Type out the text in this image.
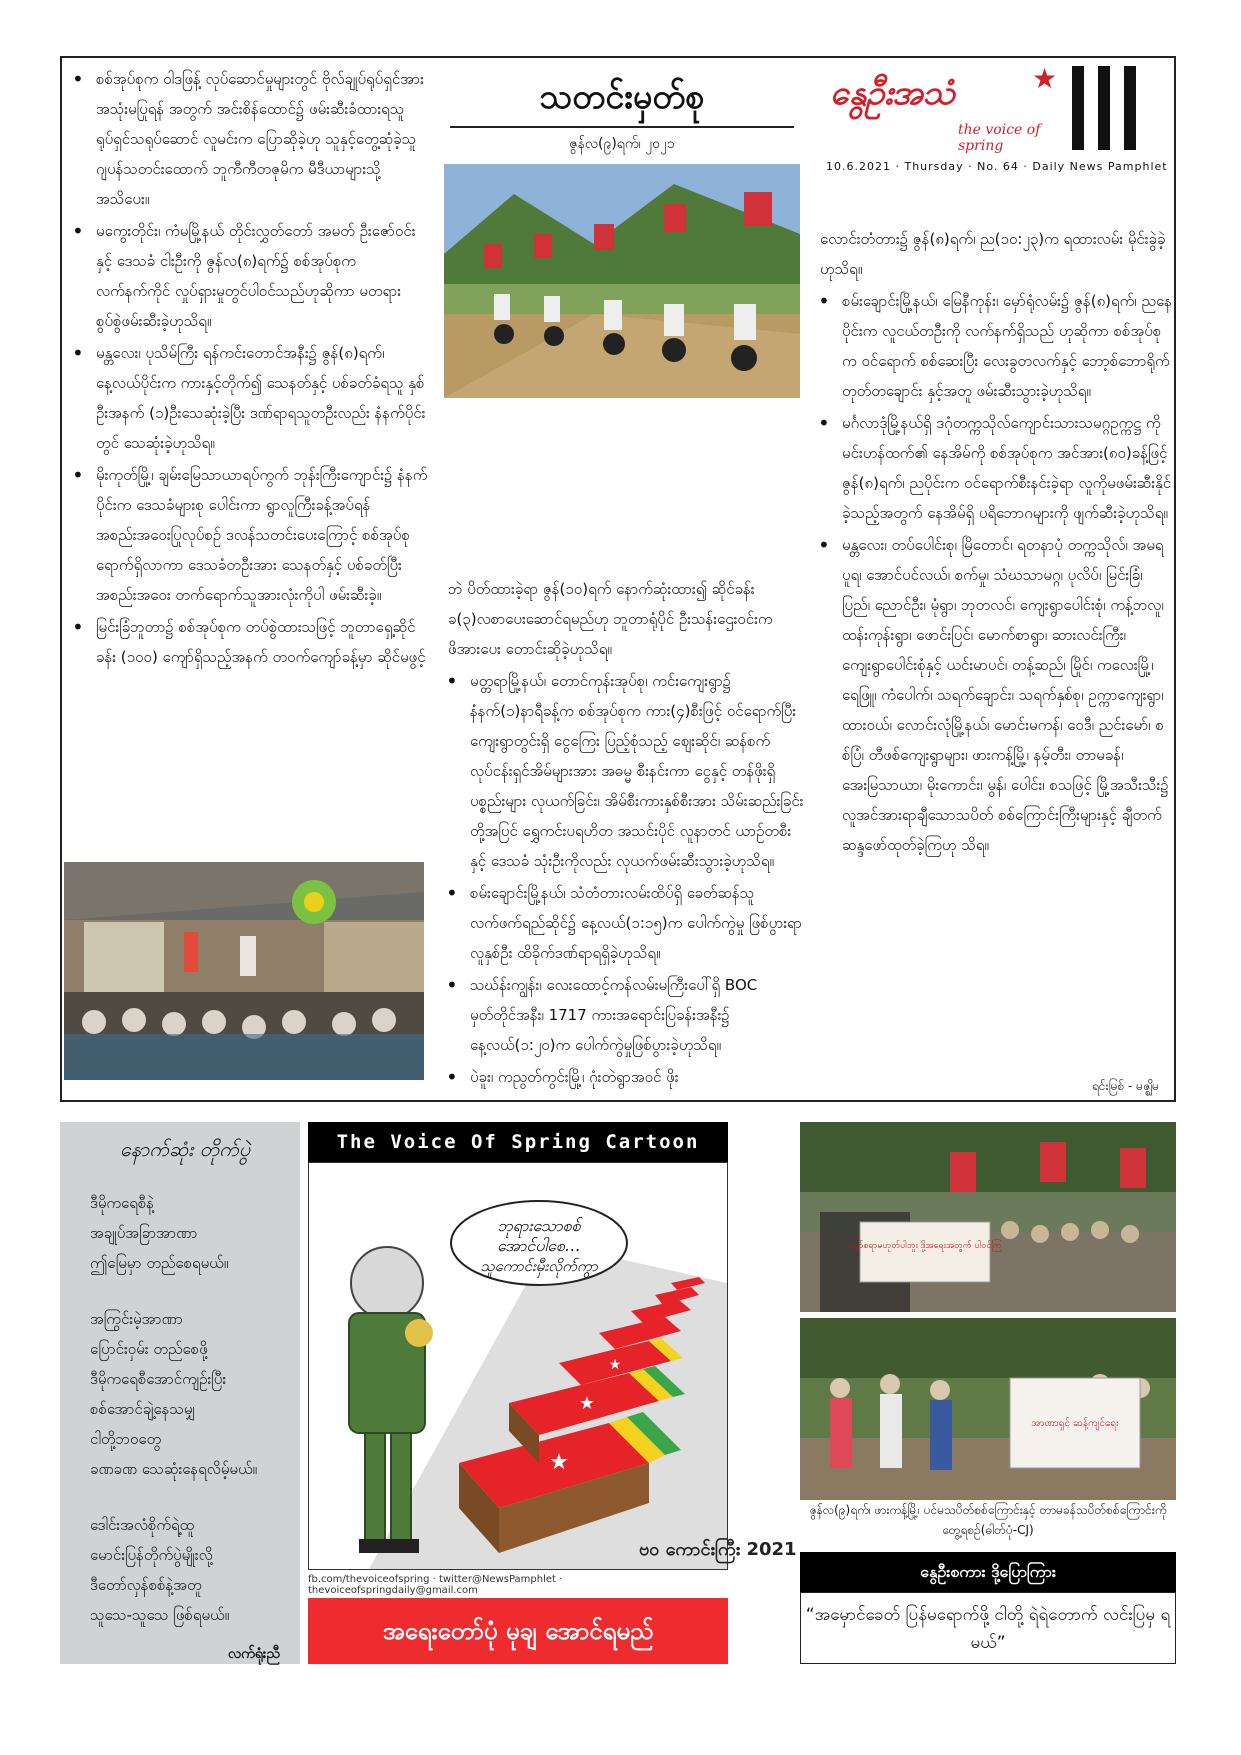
• စစ်အုပ်စုက ဝါဒဖြန့် လုပ်ဆောင်မှုများတွင် ဗိုလ်ချုပ်ရုပ်ရှင်အား အသုံးမပြုရန် အတွက် အင်းစိန်ထောင်၌ ဖမ်းဆီးခံထားရသူ ရုပ်ရှင်သရုပ်ဆောင် လူမင်းက ပြောဆိုခဲ့ဟု သူနှင့်တွေ့ဆုံခဲ့သူ ဂျပန်သတင်းထောက် ဘူကီကီတဇုမိက မီဒီယာများသို့ အသိပေး။
• မကွေးတိုင်း၊ ကံမမြို့နယ် တိုင်းလွှတ်တော် အမတ် ဦးဇော်ဝင်းနှင့် ဒေသခံ ငါးဦးကို ဇွန်လ(၈)ရက်၌ စစ်အုပ်စုက လက်နက်ကိုင် လှုပ်ရှားမှုတွင်ပါဝင်သည်ဟုဆိုကာ မတရား စွပ်စွဲဖမ်းဆီးခဲ့ဟုသိရ။
• မန္တလေး၊ ပုသိမ်ကြီး ရန်ကင်းတောင်အနီး၌ ဇွန်(၈)ရက်၊ နေ့လယ်ပိုင်းက ကားနှင့်တိုက်၍ သေနတ်နှင့် ပစ်ခတ်ခံရသူ နှစ်ဦးအနက် (၁)ဦးသေဆုံးခဲ့ပြီး ဒဏ်ရာရသူတဦးလည်း နံနက်ပိုင်းတွင် သေဆုံးခဲ့ဟုသိရ။
• မိုးကုတ်မြို့၊ ချမ်းမြေသာယာရပ်ကွက် ဘုန်းကြီးကျောင်း၌ နံနက်ပိုင်းက ဒေသခံများစု ပေါင်းကာ ရွာလူကြီးခန့်အပ်ရန် အစည်းအဝေးပြုလုပ်စဉ် ဒလန်သတင်းပေးကြောင့် စစ်အုပ်စု ရောက်ရှိလာကာ ဒေသခံတဦးအား သေနတ်နှင့် ပစ်ခတ်ပြီး အစည်းအဝေး တက်ရောက်သူအားလုံးကိုပါ ဖမ်းဆီးခဲ့။
• မြင်းခြံဘူတာ၌ စစ်အုပ်စုက တပ်စွဲထားသဖြင့် ဘူတာရှေ့ဆိုင်ခန်း (၁၀၀) ကျော်ရှိသည့်အနက် တဝက်ကျော်ခန့်မှာ ဆိုင်မဖွင့်
သတင်းမှတ်စု
ဇွန်လ(၉)ရက်၊ ၂၀၂၁
ဘဲ ပိတ်ထားခဲ့ရာ ဇွန်(၁၀)ရက် နောက်ဆုံးထား၍ ဆိုင်ခန်းခ(၃)လစာပေးဆောင်ရမည်ဟု ဘူတာရုံပိုင် ဦးသန်းဌေးဝင်းက ဖိအားပေး တောင်းဆိုခဲ့ဟုသိရ။
• မတ္တရာမြို့နယ်၊ တောင်ကုန်းအုပ်စု၊ ကင်းကျေးရွာ၌ နံနက်(၁)နာရီခန့်က စစ်အုပ်စုက ကား(၄)စီးဖြင့် ဝင်ရောက်ပြီး ကျေးရွာတွင်းရှိ ငွေကြေး ပြည့်စုံသည့် ဈေးဆိုင်၊ ဆန်စက်လုပ်ငန်းရှင်အိမ်များအား အဓမ္မ စီးနင်းကာ ငွေနှင့် တန်ဖိုးရှိပစ္စည်းများ လုယက်ခြင်း၊ အိမ်စီးကားနှစ်စီးအား သိမ်းဆည်းခြင်းတို့အပြင် ရွှေကင်းပရဟိတ အသင်းပိုင် လူနာတင် ယာဉ်တစီးနှင့် ဒေသခံ သုံးဦးကိုလည်း လုယက်ဖမ်းဆီးသွားခဲ့ဟုသိရ။
• စမ်းချောင်းမြို့နယ်၊ သံတံတားလမ်းထိပ်ရှိ ခေတ်ဆန်သူ လက်ဖက်ရည်ဆိုင်၌ နေ့လယ်(၁:၁၅)က ပေါက်ကွဲမှု ဖြစ်ပွားရာ လူနှစ်ဦး ထိခိုက်ဒဏ်ရာရရှိခဲ့ဟုသိရ။
• သဃ်န်းကျွန်း၊ လေးထောင့်ကန်လမ်းမကြီးပေါ်ရှိ BOC မှတ်တိုင်အနီး၊ 1717 ကားအရောင်းပြခန်းအနီး၌ နေ့လယ်(၁:၂၀)က ပေါက်ကွဲမှုဖြစ်ပွားခဲ့ဟုသိရ။
• ပဲခူး၊ ကညွတ်ကွင်းမြို့၊ ဂုံးတဲရွာအဝင် ဖိုး
နွေဦးအသံ	★
the voice of spring
10.6.2021 · Thursday · No. 64 · Daily News Pamphlet
လောင်းတံတား၌ ဇွန်(၈)ရက်၊ ည(၁၀:၂၃)က ရထားလမ်း မိုင်းခွဲခဲ့ဟုသိရ။
• စမ်းချောင်းမြို့နယ်၊ မြေနီကုန်း၊ မှော်ရုံလမ်း၌ ဇွန်(၈)ရက်၊ ညနေပိုင်းက လူငယ်တဦးကို လက်နက်ရှိသည် ဟုဆိုကာ စစ်အုပ်စုက ဝင်ရောက် စစ်ဆေးပြီး လေးခွတလက်နှင့် ဘော့စ်ဘောရိုက် တုတ်တချောင်း နှင့်အတူ ဖမ်းဆီးသွားခဲ့ဟုသိရ။
• မင်္ဂလာဒုံမြို့နယ်ရှိ ဒဂုံတက္ကသိုလ်ကျောင်းသားသမဂ္ဂဥက္ကဋ္ဌ ကိုမင်းဟန်ထက်၏ နေအိမ်ကို စစ်အုပ်စုက အင်အား(၈၀)ခန့်ဖြင့် ဇွန်(၈)ရက်၊ ညပိုင်းက ဝင်ရောက်စီးနင်းခဲ့ရာ လူကိုမဖမ်းဆီးနိုင်ခဲ့သည့်အတွက် နေအိမ်ရှိ ပရိဘောဂများကို ဖျက်ဆီးခဲ့ဟုသိရ။
• မန္တလေး၊ တပ်ပေါင်းစု၊ မြိတောင်၊ ရတနာပုံ တက္ကသိုလ်၊ အမရပူရ၊ အောင်ပင်လယ်၊ စက်မှု၊ သံဃသာမဂ္ဂ၊ ပုလိပ်၊ မြင်းခြံ၊ ပြည်၊ ညောင်ဦး၊ မုံရွာ၊ ဘုတလင်၊ ကျေးရွာပေါင်းစုံ၊ ကန့်ဘလူ၊ ထန်းကုန်းရွာ၊ ဖောင်းပြင်၊ မောက်စာရွာ၊ ဆားလင်းကြီး၊ ကျေးရွာပေါင်းစုံနှင့် ယင်းမာပင်၊ တန့်ဆည်၊ မြိုင်၊ ကလေးမြို့၊ ရေဖြူ၊ ကံပေါက်၊ သရက်ချောင်း၊ သရက်နှစ်စု၊ ဥက္ကာကျေးရွာ၊ ထားဝယ်၊ လောင်းလုံမြို့နယ်၊ မောင်းမကန်၊ ဝေဒီ၊ ညင်းမော်၊ စစ်ပြံ၊ တီဖစ်ကျေးရွာများ၊ ဖားကန့်မြို့၊ နမ့်တီး၊ တာမခန်၊ အေးမြသာယာ၊ မိုးကောင်း၊ မွန်၊ ပေါင်း၊ စသဖြင့် မြို့အသီးသီး၌ လူအင်အားရာချီသောသပိတ် စစ်ကြောင်းကြီးများနှင့် ချီတက် ဆန္ဒဖော်ထုတ်ခဲ့ကြဟု သိရ။
ရင်းမြစ် - မဇ္ဈိမ
နောက်ဆုံး တိုက်ပွဲ
ဒီမိုကရေစီနဲ့
အချုပ်အခြာအာဏာ
ဤမြေမှာ တည်စေရမယ်။
အကြွင်းမဲ့အာဏာ
ပြောင်းဝှမ်း တည်စေဖို့
ဒီမိုကရေစီအောင်ကျဉ်းပြီး
စစ်အောင်ချဲ့နေသမျှ
ငါတို့ဘဝတွေ
ခဏခဏ သေဆုံးနေရလိမ့်မယ်။
ဒေါင်းအလံစိုက်ရဲ့ထူ
မောင်းပြန်တိုက်ပွဲမျိုးလို့
ဒီတော်လှန်စစ်နဲ့အတူ
သူသေ-သူသေ ဖြစ်ရမယ်။
လက်ရုံးညီ
The Voice Of Spring Cartoon
ဘုရားသောစစ်
အောင်ပါစေ…
သူကောင်းမှီးလိုက်ကွာ
★
★
★
ဗဝ ကောင်းကြီး 2021
fb.com/thevoiceofspring · twitter@NewsPamphlet · thevoiceofspringdaily@gmail.com
အရေးတော်ပုံ မုချ အောင်ရမည်
ပျော်စရာမဟုတ်ပါဘူး ဒို့အရေးအတွက် ပါဝင်ကြ
အာဏာရှင် ဆန့်ကျင်ရေး
ဇွန်လ(၉)ရက်၊ ဖားကန့်မြို့၊ ပင်မသပိတ်စစ်ကြောင်းနှင့် တာမခန်သပိတ်စစ်ကြောင်းကို တွေ့ရစဉ်(ဓါတ်ပုံ-CJ)
နွေဦးစကား ဒို့ပြောကြား
“အမှောင်ခေတ် ပြန်မရောက်ဖို့ ငါတို့ ရဲရဲတောက် လင်းပြမှ ရမယ်”
